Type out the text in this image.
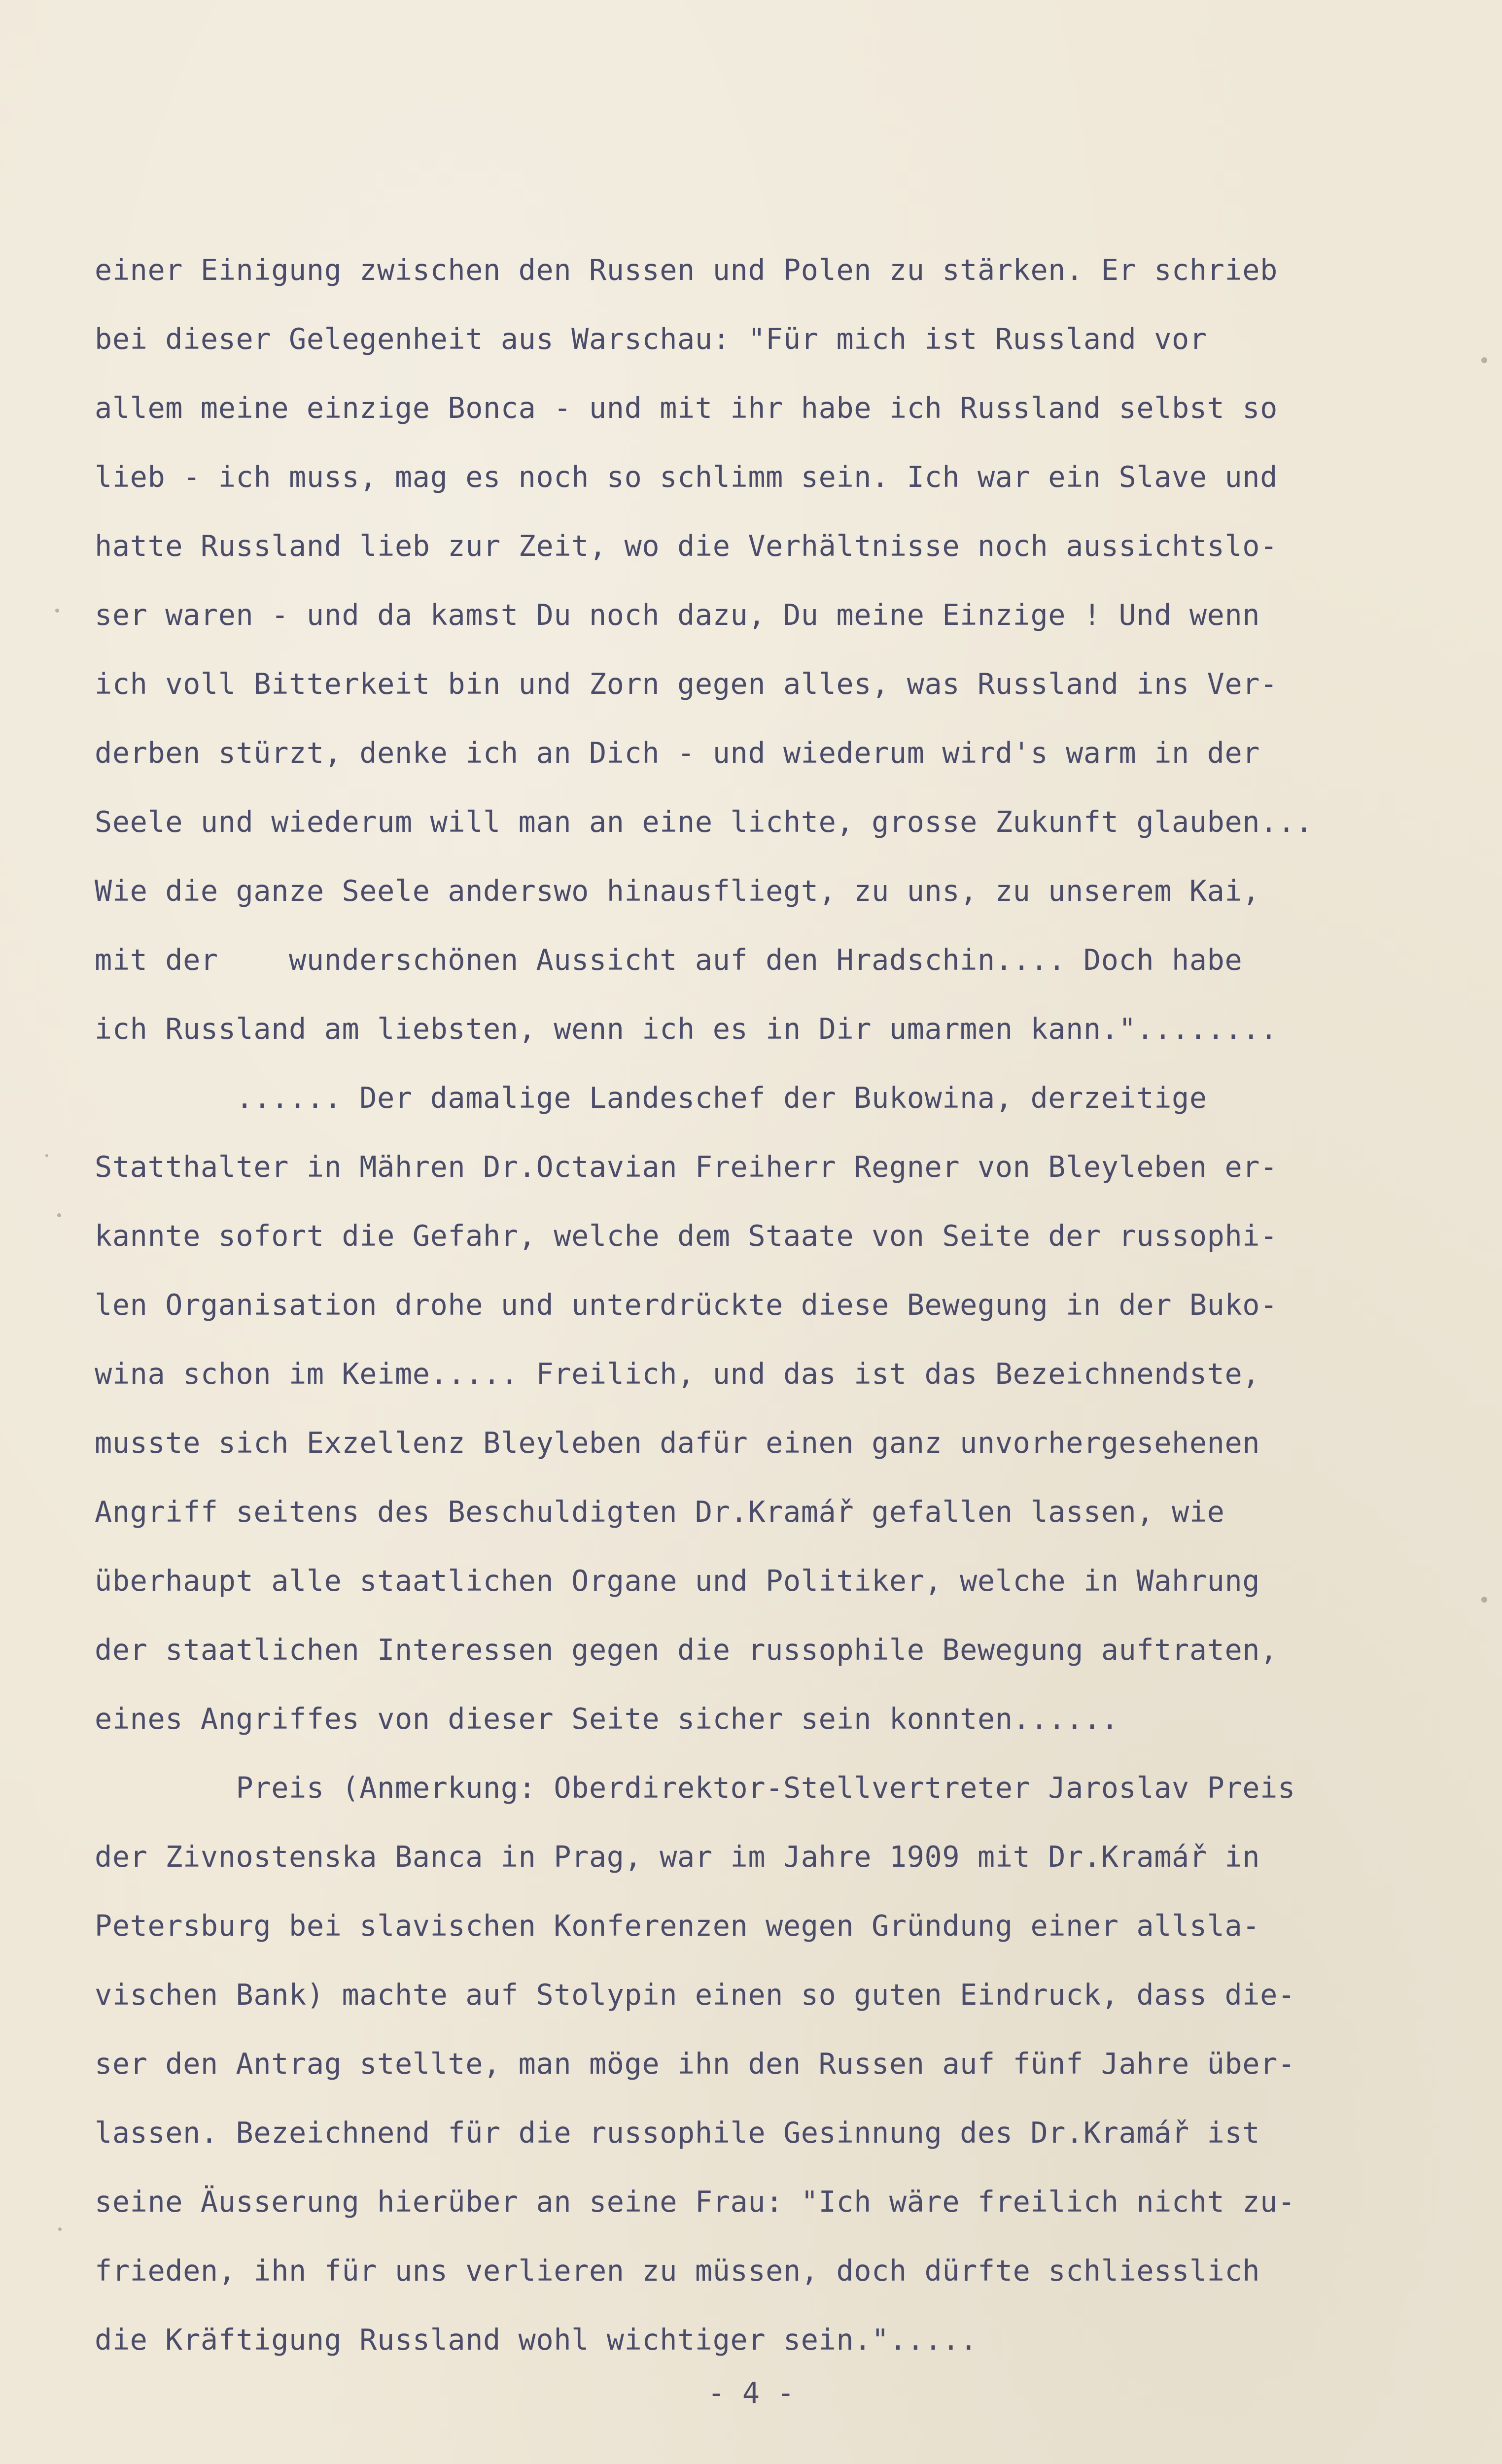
einer Einigung zwischen den Russen und Polen zu stärken. Er schrieb
bei dieser Gelegenheit aus Warschau: "Für mich ist Russland vor
allem meine einzige Bonca - und mit ihr habe ich Russland selbst so
lieb - ich muss, mag es noch so schlimm sein. Ich war ein Slave und
hatte Russland lieb zur Zeit, wo die Verhältnisse noch aussichtslo-
ser waren - und da kamst Du noch dazu, Du meine Einzige ! Und wenn
ich voll Bitterkeit bin und Zorn gegen alles, was Russland ins Ver-
derben stürzt, denke ich an Dich - und wiederum wird's warm in der
Seele und wiederum will man an eine lichte, grosse Zukunft glauben...
Wie die ganze Seele anderswo hinausfliegt, zu uns, zu unserem Kai,
mit der    wunderschönen Aussicht auf den Hradschin.... Doch habe
ich Russland am liebsten, wenn ich es in Dir umarmen kann."........
...... Der damalige Landeschef der Bukowina, derzeitige
Statthalter in Mähren Dr.Octavian Freiherr Regner von Bleyleben er-
kannte sofort die Gefahr, welche dem Staate von Seite der russophi-
len Organisation drohe und unterdrückte diese Bewegung in der Buko-
wina schon im Keime..... Freilich, und das ist das Bezeichnendste,
musste sich Exzellenz Bleyleben dafür einen ganz unvorhergesehenen
Angriff seitens des Beschuldigten Dr.Kramář gefallen lassen, wie
überhaupt alle staatlichen Organe und Politiker, welche in Wahrung
der staatlichen Interessen gegen die russophile Bewegung auftraten,
eines Angriffes von dieser Seite sicher sein konnten......
Preis (Anmerkung: Oberdirektor-Stellvertreter Jaroslav Preis
der Zivnostenska Banca in Prag, war im Jahre 1909 mit Dr.Kramář in
Petersburg bei slavischen Konferenzen wegen Gründung einer allsla-
vischen Bank) machte auf Stolypin einen so guten Eindruck, dass die-
ser den Antrag stellte, man möge ihn den Russen auf fünf Jahre über-
lassen. Bezeichnend für die russophile Gesinnung des Dr.Kramář ist
seine Äusserung hierüber an seine Frau: "Ich wäre freilich nicht zu-
frieden, ihn für uns verlieren zu müssen, doch dürfte schliesslich
die Kräftigung Russland wohl wichtiger sein.".....
- 4 -
